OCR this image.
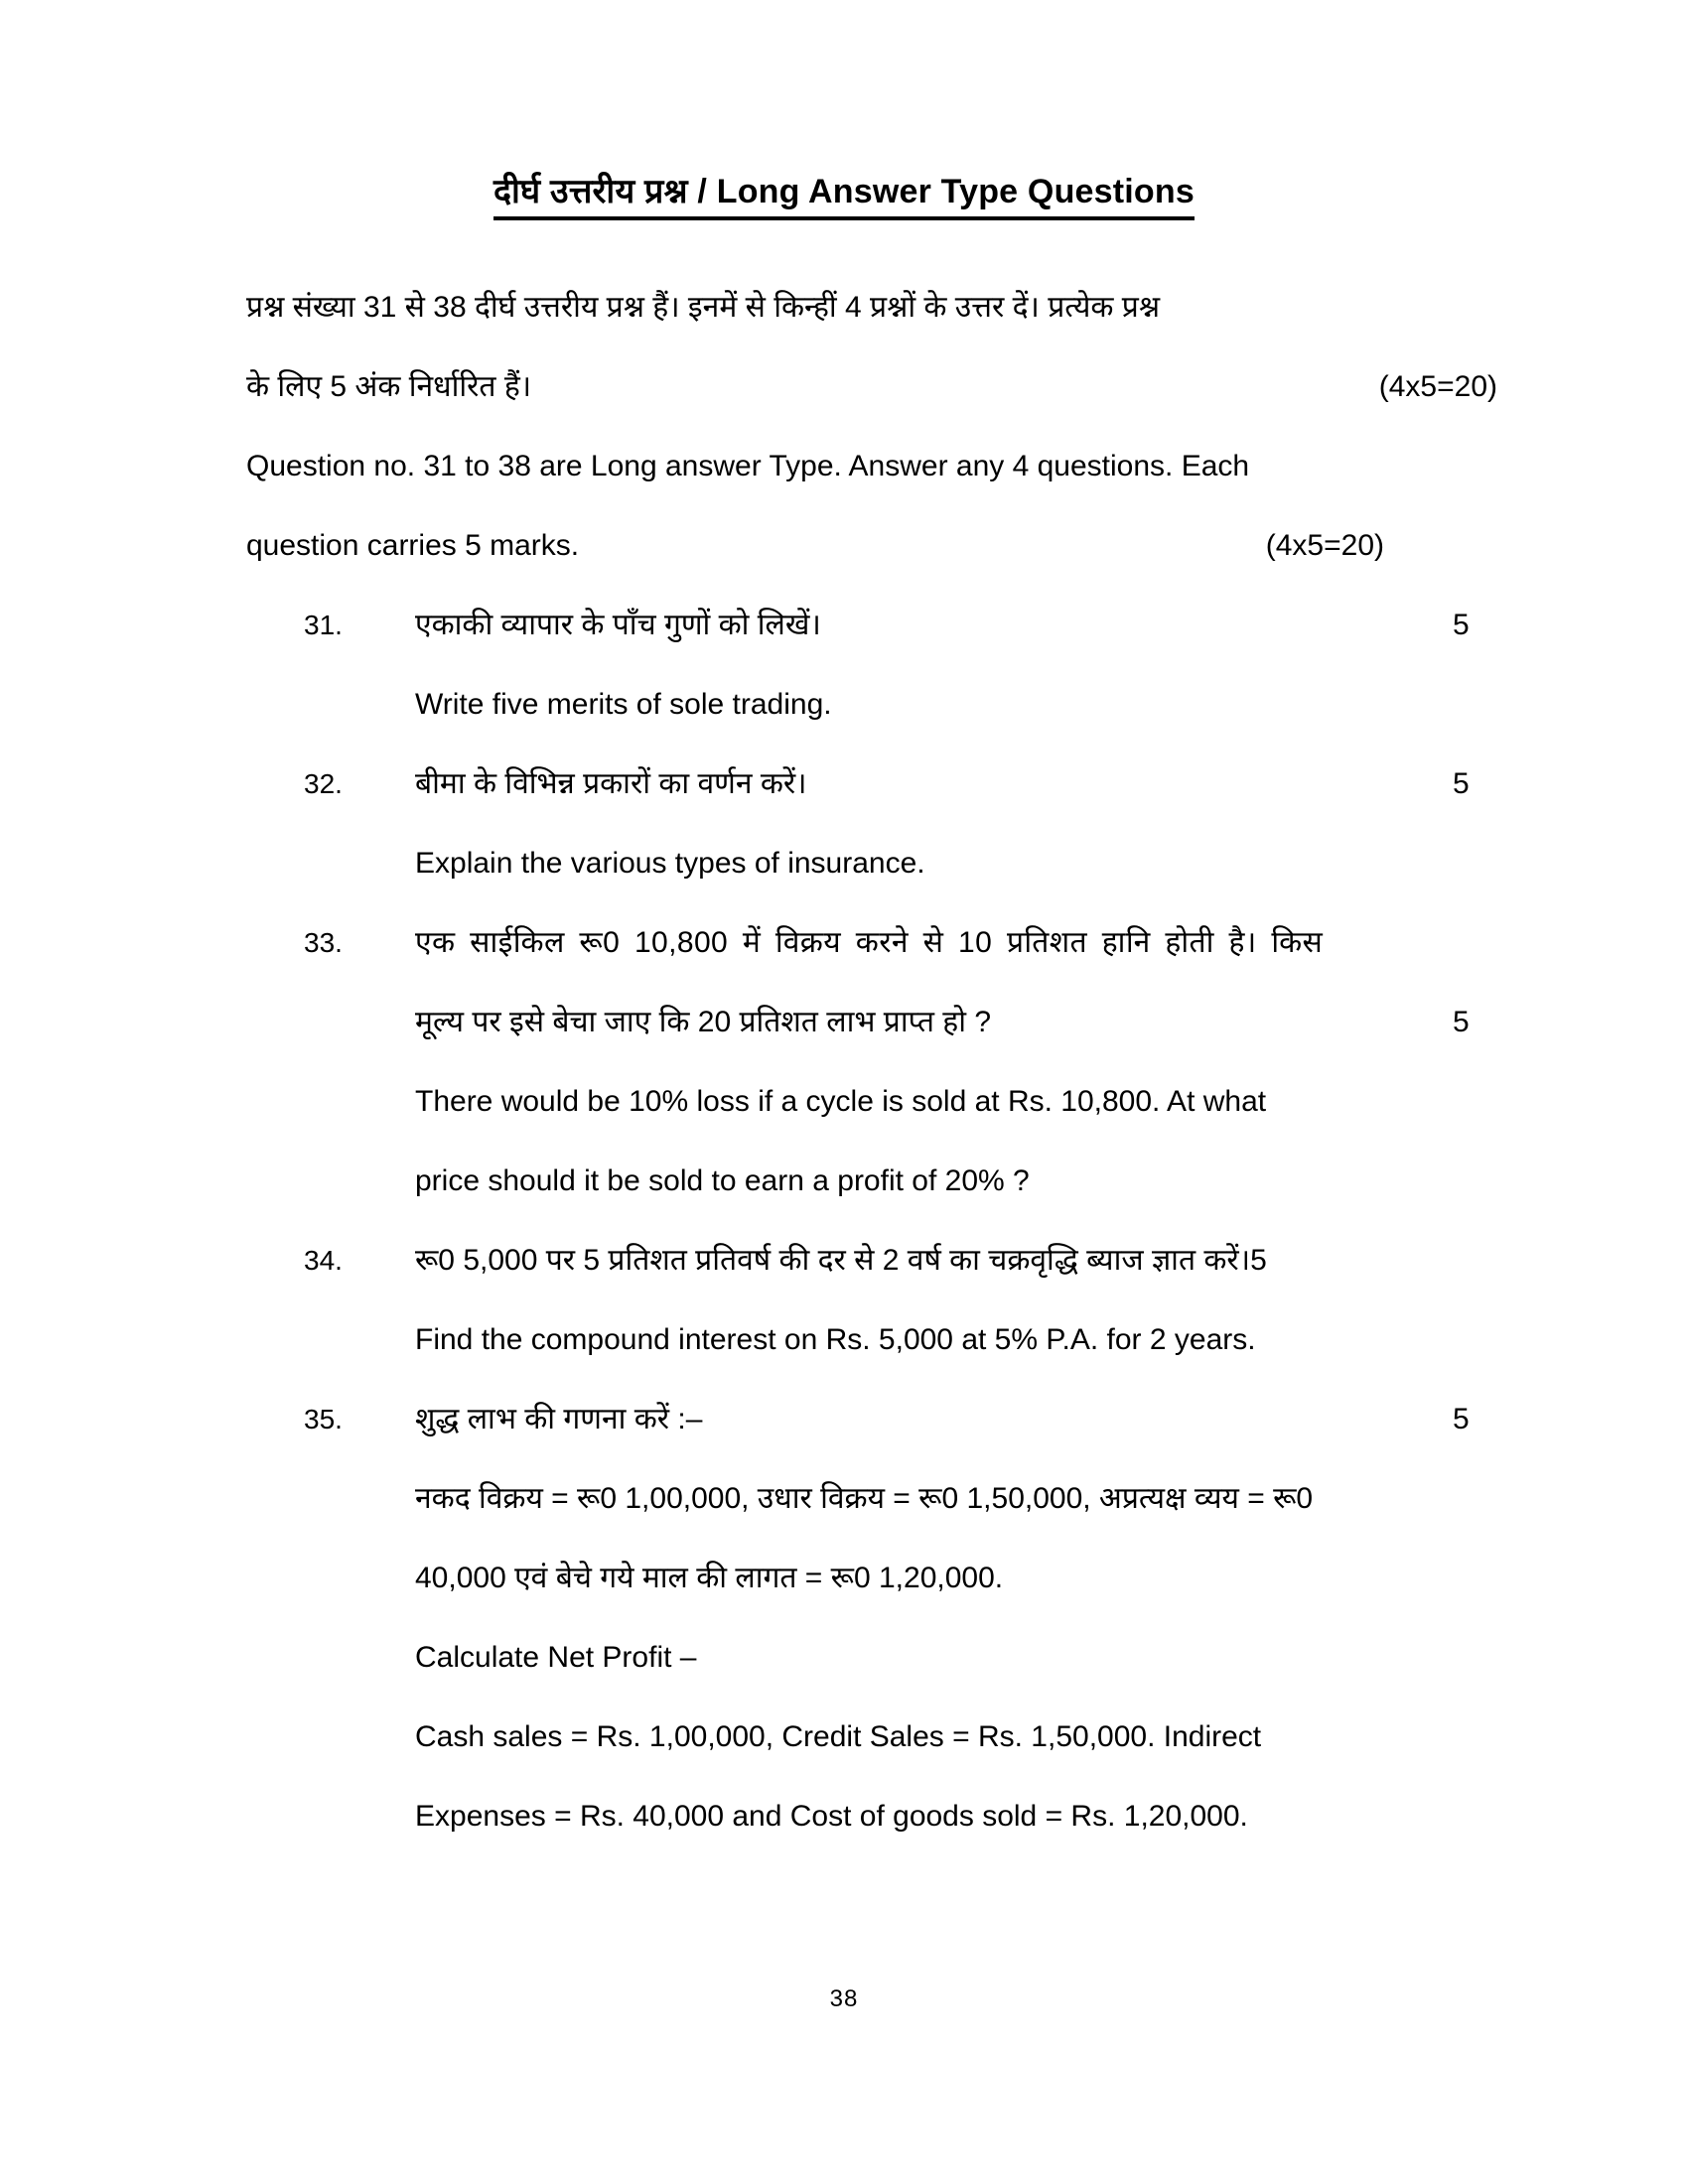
दीर्घ उत्तरीय प्रश्न / Long Answer Type Questions
प्रश्न संख्या 31 से 38 दीर्घ उत्तरीय प्रश्न हैं। इनमें से किन्हीं 4 प्रश्नों के उत्तर दें। प्रत्येक प्रश्न
के लिए 5 अंक निर्धारित हैं।	(4x5=20)
Question no. 31 to 38 are Long answer Type. Answer any 4 questions. Each
question carries 5 marks.	(4x5=20)
31.	एकाकी व्यापार के पाँच गुणों को लिखें।	5
Write five merits of sole trading.
32.	बीमा के विभिन्न प्रकारों का वर्णन करें।	5
Explain the various types of insurance.
33.	एक साईकिल रू0 10,800 में विक्रय करने से 10 प्रतिशत हानि होती है। किस
मूल्य पर इसे बेचा जाए कि 20 प्रतिशत लाभ प्राप्त हो ?	5
There would be 10% loss if a cycle is sold at Rs. 10,800. At what
price should it be sold to earn a profit of 20% ?
34.	रू0 5,000 पर 5 प्रतिशत प्रतिवर्ष की दर से 2 वर्ष का चक्रवृद्धि ब्याज ज्ञात करें।5
Find the compound interest on Rs. 5,000 at 5% P.A. for 2 years.
35.	शुद्ध लाभ की गणना करें :–	5
नकद विक्रय = रू0 1,00,000, उधार विक्रय = रू0 1,50,000, अप्रत्यक्ष व्यय = रू0
40,000 एवं बेचे गये माल की लागत = रू0 1,20,000.
Calculate Net Profit –
Cash sales = Rs. 1,00,000, Credit Sales = Rs. 1,50,000. Indirect
Expenses = Rs. 40,000 and Cost of goods sold = Rs. 1,20,000.
38
